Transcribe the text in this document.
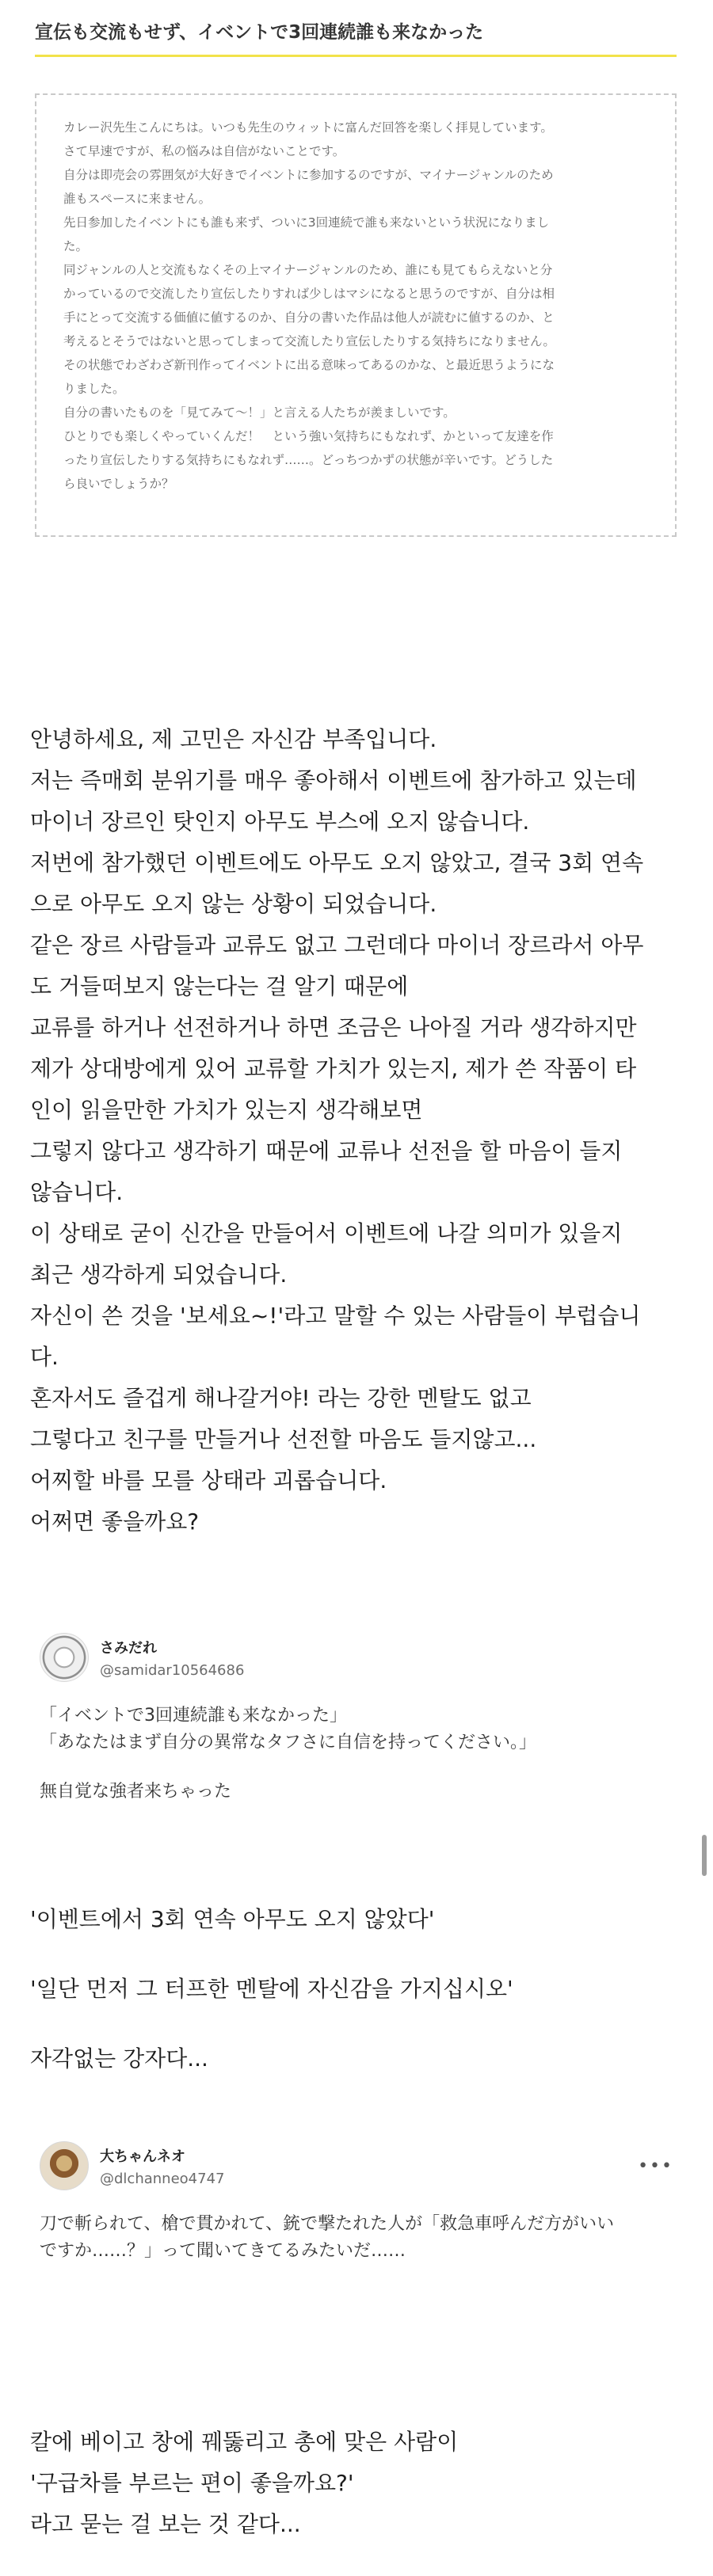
宣伝も交流もせず、イベントで3回連続誰も来なかった

カレー沢先生こんにちは。いつも先生のウィットに富んだ回答を楽しく拝見しています。

さて早速ですが、私の悩みは自信がないことです。

自分は即売会の雰囲気が大好きでイベントに参加するのですが、マイナージャンルのため

誰もスペースに来ません。

先日参加したイベントにも誰も来ず、ついに3回連続で誰も来ないという状況になりまし

た。

同ジャンルの人と交流もなくその上マイナージャンルのため、誰にも見てもらえないと分

かっているので交流したり宣伝したりすれば少しはマシになると思うのですが、自分は相

手にとって交流する価値に値するのか、自分の書いた作品は他人が読むに値するのか、と

考えるとそうではないと思ってしまって交流したり宣伝したりする気持ちになりません。

その状態でわざわざ新刊作ってイベントに出る意味ってあるのかな、と最近思うようにな

りました。

自分の書いたものを「見てみて〜！」と言える人たちが羨ましいです。

ひとりでも楽しくやっていくんだ！　という強い気持ちにもなれず、かといって友達を作

ったり宣伝したりする気持ちにもなれず……。どっちつかずの状態が辛いです。どうした

ら良いでしょうか？

안녕하세요, 제 고민은 자신감 부족입니다.

저는 즉매회 분위기를 매우 좋아해서 이벤트에 참가하고 있는데

마이너 장르인 탓인지 아무도 부스에 오지 않습니다.

저번에 참가했던 이벤트에도 아무도 오지 않았고, 결국 3회 연속

으로 아무도 오지 않는 상황이 되었습니다.

같은 장르 사람들과 교류도 없고 그런데다 마이너 장르라서 아무

도 거들떠보지 않는다는 걸 알기 때문에

교류를 하거나 선전하거나 하면 조금은 나아질 거라 생각하지만

제가 상대방에게 있어 교류할 가치가 있는지, 제가 쓴 작품이 타

인이 읽을만한 가치가 있는지 생각해보면

그렇지 않다고 생각하기 때문에 교류나 선전을 할 마음이 들지

않습니다.

이 상태로 굳이 신간을 만들어서 이벤트에 나갈 의미가 있을지

최근 생각하게 되었습니다.

자신이 쓴 것을 '보세요~!'라고 말할 수 있는 사람들이 부럽습니

다.

혼자서도 즐겁게 해나갈거야! 라는 강한 멘탈도 없고

그렇다고 친구를 만들거나 선전할 마음도 들지않고...

어찌할 바를 모를 상태라 괴롭습니다.

어쩌면 좋을까요?

さみだれ
@samidar10564686

「イベントで3回連続誰も来なかった」

「あなたはまず自分の異常なタフさに自信を持ってください。」

無自覚な強者来ちゃった

'이벤트에서 3회 연속 아무도 오지 않았다'

'일단 먼저 그 터프한 멘탈에 자신감을 가지십시오'

자각없는 강자다...

大ちゃんネオ
@dlchanneo4747
•••

刀で斬られて、槍で貫かれて、銃で撃たれた人が「救急車呼んだ方がいい

ですか……？」って聞いてきてるみたいだ……

칼에 베이고 창에 꿰뚫리고 총에 맞은 사람이

'구급차를 부르는 편이 좋을까요?'

라고 묻는 걸 보는 것 같다...
